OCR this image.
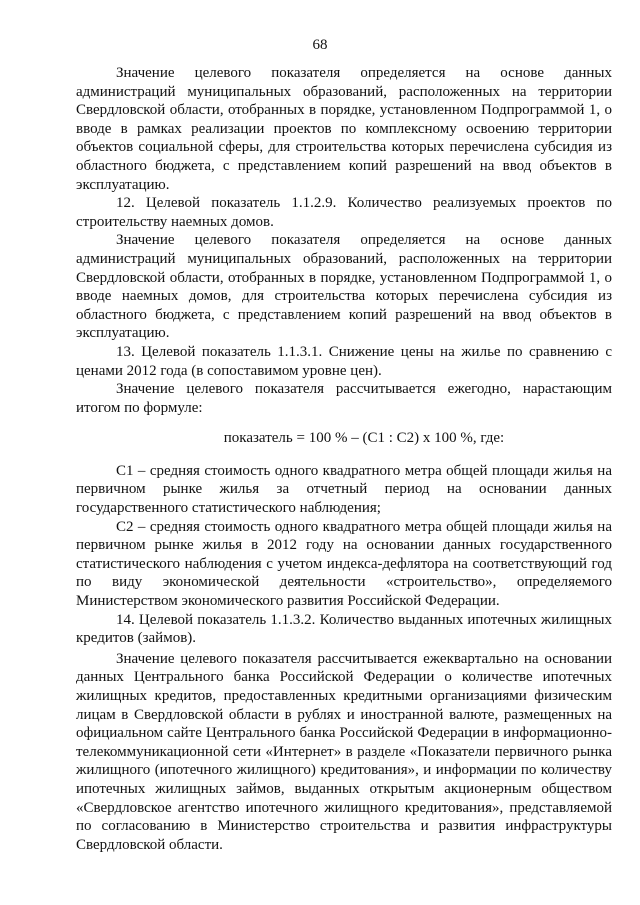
68

Значение целевого показателя определяется на основе данных администраций муниципальных образований, расположенных на территории Свердловской области, отобранных в порядке, установленном Подпрограммой 1, о вводе в рамках реализации проектов по комплексному освоению территории объектов социальной сферы, для строительства которых перечислена субсидия из областного бюджета, с представлением копий разрешений на ввод объектов в эксплуатацию.

12. Целевой показатель 1.1.2.9. Количество реализуемых проектов по строительству наемных домов.

Значение целевого показателя определяется на основе данных администраций муниципальных образований, расположенных на территории Свердловской области, отобранных в порядке, установленном Подпрограммой 1, о вводе наемных домов, для строительства которых перечислена субсидия из областного бюджета, с представлением копий разрешений на ввод объектов в эксплуатацию.

13. Целевой показатель 1.1.3.1. Снижение цены на жилье по сравнению с ценами 2012 года (в сопоставимом уровне цен).

Значение целевого показателя рассчитывается ежегодно, нарастающим итогом по формуле:

показатель = 100 % – (С1 : С2) х 100 %, где:

С1 – средняя стоимость одного квадратного метра общей площади жилья на первичном рынке жилья за отчетный период на основании данных государственного статистического наблюдения;

С2 – средняя стоимость одного квадратного метра общей площади жилья на первичном рынке жилья в 2012 году на основании данных государственного статистического наблюдения с учетом индекса-дефлятора на соответствующий год по виду экономической деятельности «строительство», определяемого Министерством экономического развития Российской Федерации.

14. Целевой показатель 1.1.3.2. Количество выданных ипотечных жилищных кредитов (займов).

Значение целевого показателя рассчитывается ежеквартально на основании данных Центрального банка Российской Федерации о количестве ипотечных жилищных кредитов, предоставленных кредитными организациями физическим лицам в Свердловской области в рублях и иностранной валюте, размещенных на официальном сайте Центрального банка Российской Федерации в информационно-телекоммуникационной сети «Интернет» в разделе «Показатели первичного рынка жилищного (ипотечного жилищного) кредитования», и информации по количеству ипотечных жилищных займов, выданных открытым акционерным обществом «Свердловское агентство ипотечного жилищного кредитования», представляемой по согласованию в Министерство строительства и развития инфраструктуры Свердловской области.
